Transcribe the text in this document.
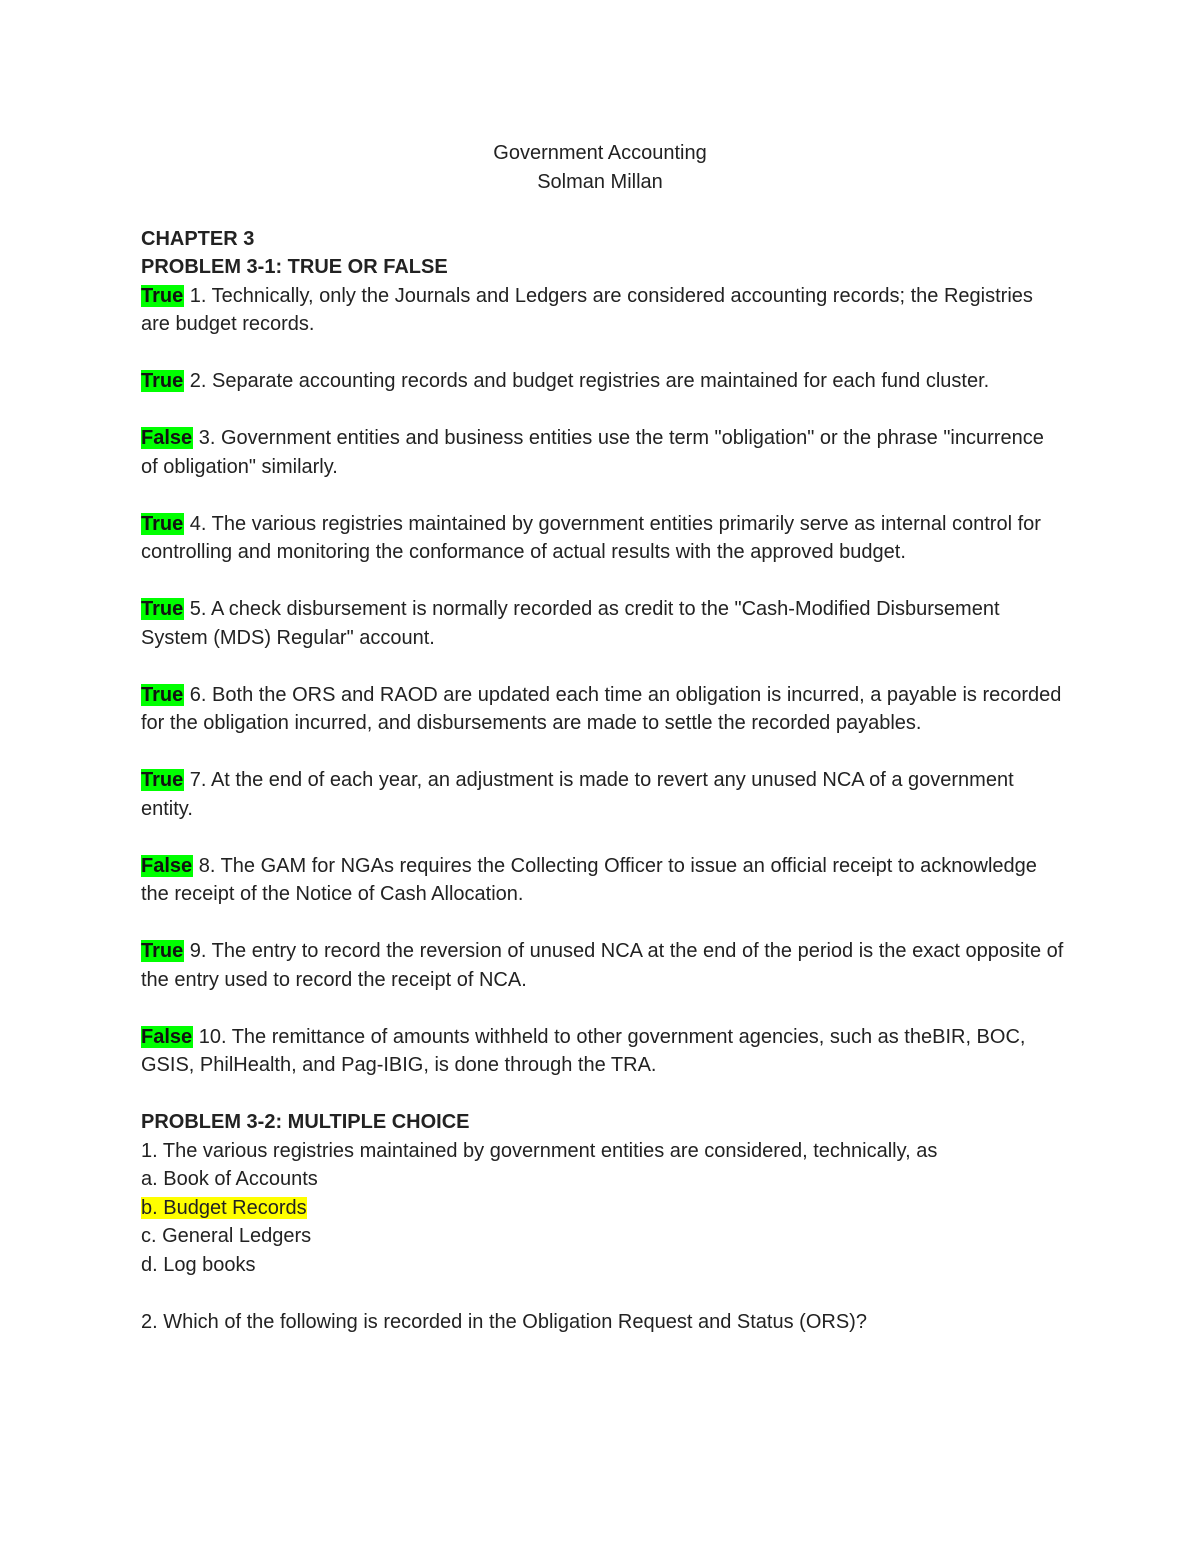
Government Accounting
Solman Millan
CHAPTER 3
PROBLEM 3-1: TRUE OR FALSE
True 1. Technically, only the Journals and Ledgers are considered accounting records; the Registries are budget records.
True 2. Separate accounting records and budget registries are maintained for each fund cluster.
False 3. Government entities and business entities use the term "obligation" or the phrase "incurrence of obligation" similarly.
True 4. The various registries maintained by government entities primarily serve as internal control for controlling and monitoring the conformance of actual results with the approved budget.
True 5. A check disbursement is normally recorded as credit to the "Cash-Modified Disbursement System (MDS) Regular" account.
True 6. Both the ORS and RAOD are updated each time an obligation is incurred, a payable is recorded for the obligation incurred, and disbursements are made to settle the recorded payables.
True 7. At the end of each year, an adjustment is made to revert any unused NCA of a government entity.
False 8. The GAM for NGAs requires the Collecting Officer to issue an official receipt to acknowledge the receipt of the Notice of Cash Allocation.
True 9. The entry to record the reversion of unused NCA at the end of the period is the exact opposite of the entry used to record the receipt of NCA.
False 10. The remittance of amounts withheld to other government agencies, such as theBIR, BOC, GSIS, PhilHealth, and Pag-IBIG, is done through the TRA.
PROBLEM 3-2: MULTIPLE CHOICE
1. The various registries maintained by government entities are considered, technically, as
a. Book of Accounts
b. Budget Records
c. General Ledgers
d. Log books
2. Which of the following is recorded in the Obligation Request and Status (ORS)?
